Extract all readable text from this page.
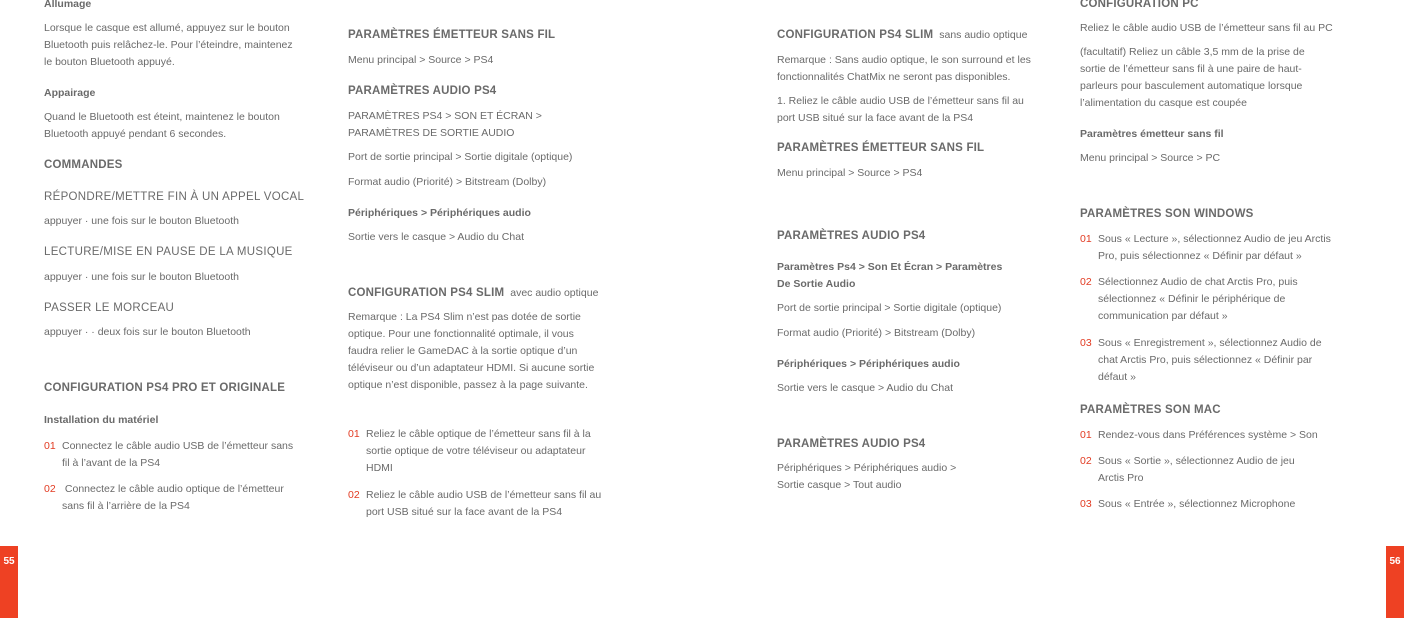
Allumage
Lorsque le casque est allumé, appuyez sur le bouton
Bluetooth puis relâchez-le. Pour l’éteindre, maintenez
le bouton Bluetooth appuyé.
Appairage
Quand le Bluetooth est éteint, maintenez le bouton
Bluetooth appuyé pendant 6 secondes.
COMMANDES
RÉPONDRE/METTRE FIN À UN APPEL VOCAL
appuyer · une fois sur le bouton Bluetooth
LECTURE/MISE EN PAUSE DE LA MUSIQUE
appuyer · une fois sur le bouton Bluetooth
PASSER LE MORCEAU
appuyer · · deux fois sur le bouton Bluetooth
CONFIGURATION PS4 PRO ET ORIGINALE
Installation du matériel
01 Connectez le câble audio USB de l’émetteur sans
fil à l’avant de la PS4
02 Connectez le câble audio optique de l’émetteur
sans fil à l’arrière de la PS4
PARAMÈTRES ÉMETTEUR SANS FIL
Menu principal > Source > PS4
PARAMÈTRES AUDIO PS4
PARAMÈTRES PS4 > SON ET ÉCRAN >
PARAMÈTRES DE SORTIE AUDIO
Port de sortie principal > Sortie digitale (optique)
Format audio (Priorité) > Bitstream (Dolby)
Périphériques > Périphériques audio
Sortie vers le casque > Audio du Chat
CONFIGURATION PS4 SLIM avec audio optique
Remarque : La PS4 Slim n’est pas dotée de sortie
optique. Pour une fonctionnalité optimale, il vous
faudra relier le GameDAC à la sortie optique d’un
téléviseur ou d’un adaptateur HDMI. Si aucune sortie
optique n’est disponible, passez à la page suivante.
01 Reliez le câble optique de l’émetteur sans fil à la
sortie optique de votre téléviseur ou adaptateur
HDMI
02 Reliez le câble audio USB de l’émetteur sans fil au
port USB situé sur la face avant de la PS4
CONFIGURATION PS4 SLIM sans audio optique
Remarque : Sans audio optique, le son surround et les
fonctionnalités ChatMix ne seront pas disponibles.
1. Reliez le câble audio USB de l’émetteur sans fil au
port USB situé sur la face avant de la PS4
PARAMÈTRES ÉMETTEUR SANS FIL
Menu principal > Source > PS4
PARAMÈTRES AUDIO PS4
Paramètres Ps4 > Son Et Écran > Paramètres
De Sortie Audio
Port de sortie principal > Sortie digitale (optique)
Format audio (Priorité) > Bitstream (Dolby)
Périphériques > Périphériques audio
Sortie vers le casque > Audio du Chat
PARAMÈTRES AUDIO PS4
Périphériques > Périphériques audio >
Sortie casque > Tout audio
CONFIGURATION PC
Reliez le câble audio USB de l’émetteur sans fil au PC
(facultatif) Reliez un câble 3,5 mm de la prise de
sortie de l’émetteur sans fil à une paire de haut-
parleurs pour basculement automatique lorsque
l’alimentation du casque est coupée
Paramètres émetteur sans fil
Menu principal > Source > PC
PARAMÈTRES SON WINDOWS
01 Sous « Lecture », sélectionnez Audio de jeu Arctis
Pro, puis sélectionnez « Définir par défaut »
02 Sélectionnez Audio de chat Arctis Pro, puis
sélectionnez « Définir le périphérique de
communication par défaut »
03 Sous « Enregistrement », sélectionnez Audio de
chat Arctis Pro, puis sélectionnez « Définir par
défaut »
PARAMÈTRES SON MAC
01 Rendez-vous dans Préférences système > Son
02 Sous « Sortie », sélectionnez Audio de jeu
Arctis Pro
03 Sous « Entrée », sélectionnez Microphone
55	56
